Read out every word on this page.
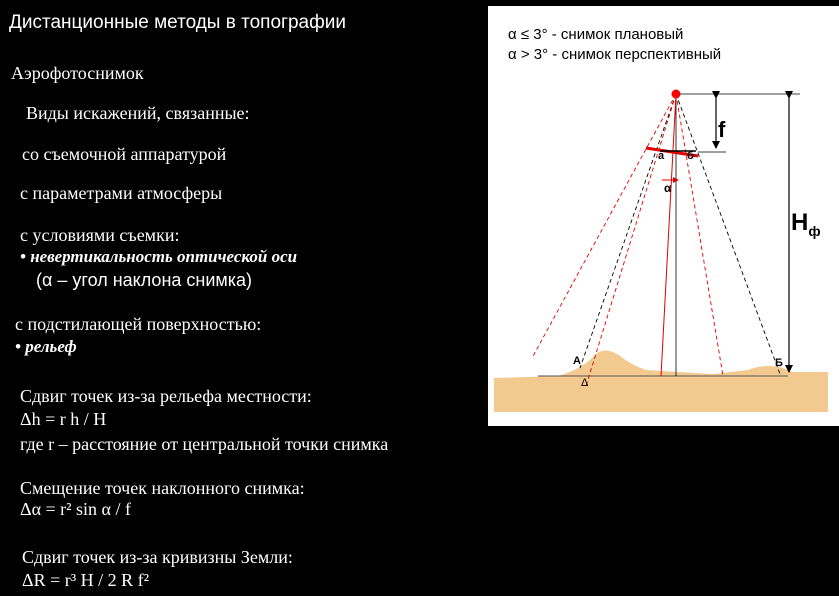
Дистанционные методы в топографии
Аэрофотоснимок
Виды искажений, связанные:
со съемочной аппаратурой
с параметрами атмосферы
с условиями съемки:
• невертикальность оптической оси
(α – угол наклона снимка)
с подстилающей поверхностью:
• рельеф
Сдвиг точек из-за рельефа местности:
Δh = r h / H
где r – расстояние от центральной точки снимка
Смещение точек наклонного снимка:
Δα = r² sin α / f
Сдвиг точек из-за кривизны Земли:
ΔR = r³ H / 2 R f²
α ≤ 3° - снимок плановый
α > 3° - снимок перспективный
f
$H_ф$
а б
α
А	Б
Δ
